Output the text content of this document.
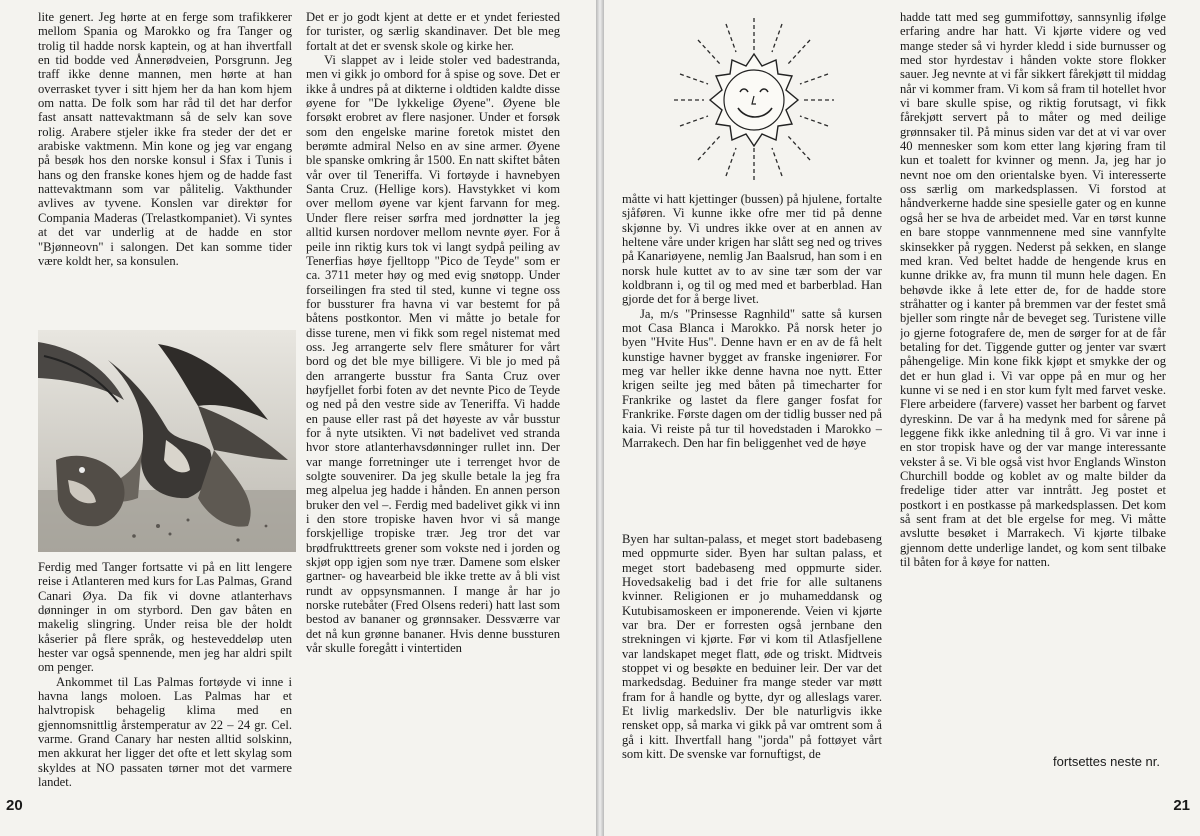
lite genert. Jeg hørte at en ferge som trafikkerer mellom Spania og Marokko og fra Tanger og trolig til hadde norsk kaptein, og at han ihvertfall en tid bodde ved Ånnerødveien, Porsgrunn. Jeg traff ikke denne mannen, men hørte at han overrasket tyver i sitt hjem her da han kom hjem om natta. De folk som har råd til det har derfor fast ansatt nattevaktmann så de selv kan sove rolig. Arabere stjeler ikke fra steder der det er arabiske vaktmenn. Min kone og jeg var engang på besøk hos den norske konsul i Sfax i Tunis i hans og den franske kones hjem og de hadde fast nattevaktmann som var pålitelig. Vakthunder avlives av tyvene. Konslen var direktør for Compania Maderas (Trelastkompaniet). Vi syntes at det var underlig at de hadde en stor "Bjønneovn" i salongen. Det kan somme tider være koldt her, sa konsulen.

Ferdig med Tanger fortsatte vi på en litt lengere reise i Atlanteren med kurs for Las Palmas, Grand Canari Øya. Da fik vi dovne atlanterhavs dønninger in om styrbord. Den gav båten en makelig slingring. Under reisa ble der holdt kåserier på flere språk, og hesteveddeløp uten hester var også spennende, men jeg har aldri spilt om penger.

Ankommet til Las Palmas fortøyde vi inne i havna langs moloen. Las Palmas har et halvtropisk behagelig klima med en gjennomsnittlig årstemperatur av 22 – 24 gr. Cel. varme. Grand Canary har nesten alltid solskinn, men akkurat her ligger det ofte et lett skylag som skyldes at NO passaten tørner mot det varmere landet.

Det er jo godt kjent at dette er et yndet feriested for turister, og særlig skandinaver. Det ble meg fortalt at det er svensk skole og kirke her.

Vi slappet av i leide stoler ved badestranda, men vi gikk jo ombord for å spise og sove. Det er ikke å undres på at dikterne i oldtiden kaldte disse øyene for "De lykkelige Øyene". Øyene ble forsøkt erobret av flere nasjoner. Under et forsøk som den engelske marine foretok mistet den berømte admiral Nelso en av sine armer. Øyene ble spanske omkring år 1500. En natt skiftet båten vår over til Teneriffa. Vi fortøyde i havnebyen Santa Cruz. (Hellige kors). Havstykket vi kom over mellom øyene var kjent farvann for meg. Under flere reiser sørfra med jordnøtter la jeg alltid kursen nordover mellom nevnte øyer. For å peile inn riktig kurs tok vi langt sydpå peiling av Tenerfias høye fjelltopp "Pico de Teyde" som er ca. 3711 meter høy og med evig snøtopp. Under forseilingen fra sted til sted, kunne vi tegne oss for bussturer fra havna vi var bestemt for på båtens postkontor. Men vi måtte jo betale for disse turene, men vi fikk som regel nistemat med oss. Jeg arrangerte selv flere småturer for vårt bord og det ble mye billigere. Vi ble jo med på den arrangerte busstur fra Santa Cruz over høyfjellet forbi foten av det nevnte Pico de Teyde og ned på den vestre side av Teneriffa. Vi hadde en pause eller rast på det høyeste av vår busstur for å nyte utsikten. Vi nøt badelivet ved stranda hvor store atlanterhavsdønninger rullet inn. Der var mange forretninger ute i terrenget hvor de solgte souvenirer. Da jeg skulle betale la jeg fra meg alpelua jeg hadde i hånden. En annen person bruker den vel –. Ferdig med badelivet gikk vi inn i den store tropiske haven hvor vi så mange forskjellige tropiske trær. Jeg tror det var brødfrukttreets grener som vokste ned i jorden og skjøt opp igjen som nye trær. Damene som elsker gartner- og havearbeid ble ikke trette av å bli vist rundt av oppsynsmannen. I mange år har jo norske rutebåter (Fred Olsens rederi) hatt last som bestod av bananer og grønnsaker. Dessværre var det nå kun grønne bananer. Hvis denne bussturen vår skulle foregått i vintertiden

20

måtte vi hatt kjettinger (bussen) på hjulene, fortalte sjåføren. Vi kunne ikke ofre mer tid på denne skjønne by. Vi undres ikke over at en annen av heltene våre under krigen har slått seg ned og trives på Kanariøyene, nemlig Jan Baalsrud, han som i en norsk hule kuttet av to av sine tær som der var koldbrann i, og til og med med et barberblad. Han gjorde det for å berge livet.

Ja, m/s "Prinsesse Ragnhild" satte så kursen mot Casa Blanca i Marokko. På norsk heter jo byen "Hvite Hus". Denne havn er en av de få helt kunstige havner bygget av franske ingeniører. For meg var heller ikke denne havna noe nytt. Etter krigen seilte jeg med båten på timecharter for Frankrike og lastet da flere ganger fosfat for Frankrike. Første dagen om der tidlig busser ned på kaia. Vi reiste på tur til hovedstaden i Marokko – Marrakech. Den har fin beliggenhet ved de høye

Byen har sultan-palass, et meget stort badebaseng med oppmurte sider. Byen har sultan palass, et meget stort badebaseng med oppmurte sider. Hovedsakelig bad i det frie for alle sultanens kvinner. Religionen er jo muhameddansk og Kutubisamoskeen er imponerende. Veien vi kjørte var bra. Der er forresten også jernbane den strekningen vi kjørte. Før vi kom til Atlasfjellene var landskapet meget flatt, øde og triskt. Midtveis stoppet vi og besøkte en beduiner leir. Der var det markedsdag. Beduiner fra mange steder var møtt fram for å handle og bytte, dyr og alleslags varer. Et livlig markedsliv. Der ble naturligvis ikke rensket opp, så marka vi gikk på var omtrent som å gå i kitt. Ihvertfall hang "jorda" på fottøyet vårt som kitt. De svenske var fornuftigst, de

hadde tatt med seg gummifottøy, sannsynlig ifølge erfaring andre har hatt. Vi kjørte videre og ved mange steder så vi hyrder kledd i side burnusser og med stor hyrdestav i hånden vokte store flokker sauer. Jeg nevnte at vi får sikkert fårekjøtt til middag når vi kommer fram. Vi kom så fram til hotellet hvor vi bare skulle spise, og riktig forutsagt, vi fikk fårekjøtt servert på to måter og med deilige grønnsaker til. På minus siden var det at vi var over 40 mennesker som kom etter lang kjøring fram til kun et toalett for kvinner og menn. Ja, jeg har jo nevnt noe om den orientalske byen. Vi interesserte oss særlig om markedsplassen. Vi forstod at håndverkerne hadde sine spesielle gater og en kunne også her se hva de arbeidet med. Var en tørst kunne en bare stoppe vannmennene med sine vannfylte skinsekker på ryggen. Nederst på sekken, en slange med kran. Ved beltet hadde de hengende krus en kunne drikke av, fra munn til munn hele dagen. En behøvde ikke å lete etter de, for de hadde store stråhatter og i kanter på bremmen var der festet små bjeller som ringte når de beveget seg. Turistene ville jo gjerne fotografere de, men de sørger for at de får betaling for det. Tiggende gutter og jenter var svært påhengelige. Min kone fikk kjøpt et smykke der og det er hun glad i. Vi var oppe på en mur og her kunne vi se ned i en stor kum fylt med farvet veske. Flere arbeidere (farvere) vasset her barbent og farvet dyreskinn. De var å ha medynk med for sårene på leggene fikk ikke anledning til å gro. Vi var inne i en stor tropisk have og der var mange interessante vekster å se. Vi ble også vist hvor Englands Winston Churchill bodde og koblet av og malte bilder da fredelige tider atter var inntrått. Jeg postet et postkort i en postkasse på markedsplassen. Det kom så sent fram at det ble ergelse for meg. Vi måtte avslutte besøket i Marrakech. Vi kjørte tilbake gjennom dette underlige landet, og kom sent tilbake til båten for å køye for natten.

fortsettes neste nr.
21
